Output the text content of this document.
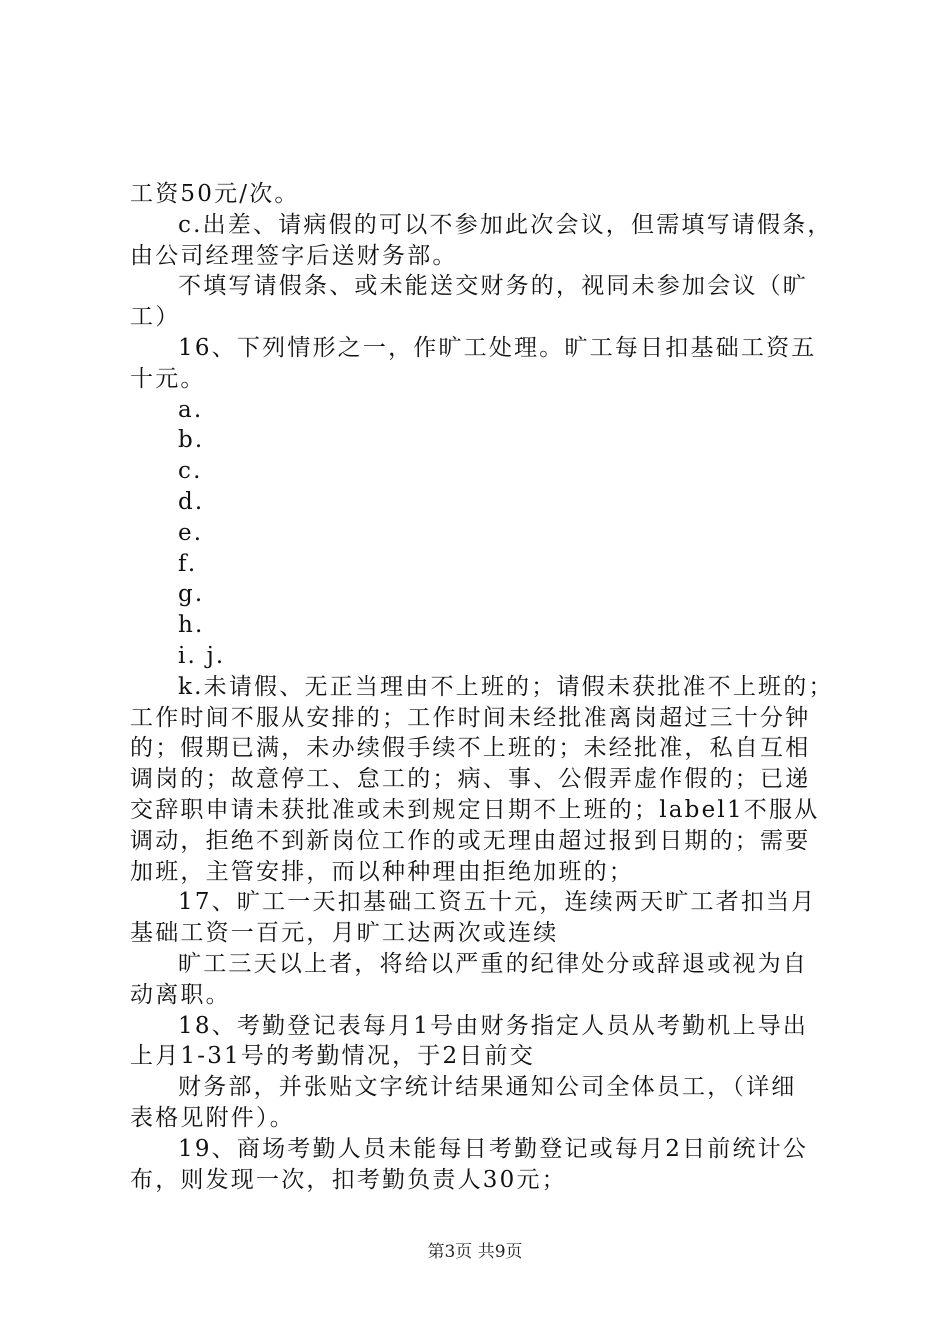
工资50元/次。
c.出差、请病假的可以不参加此次会议，但需填写请假条，
由公司经理签字后送财务部。
不填写请假条、或未能送交财务的，视同未参加会议（旷
工）
16、下列情形之一，作旷工处理。旷工每日扣基础工资五
十元。
a.
b.
c.
d.
e.
f.
g.
h.
i. j.
k.未请假、无正当理由不上班的；请假未获批准不上班的；
工作时间不服从安排的；工作时间未经批准离岗超过三十分钟
的；假期已满，未办续假手续不上班的；未经批准，私自互相
调岗的；故意停工、怠工的；病、事、公假弄虚作假的；已递
交辞职申请未获批准或未到规定日期不上班的；label1不服从
调动，拒绝不到新岗位工作的或无理由超过报到日期的；需要
加班，主管安排，而以种种理由拒绝加班的；
17、旷工一天扣基础工资五十元，连续两天旷工者扣当月
基础工资一百元，月旷工达两次或连续
旷工三天以上者，将给以严重的纪律处分或辞退或视为自
动离职。
18、考勤登记表每月1号由财务指定人员从考勤机上导出
上月1-31号的考勤情况，于2日前交
财务部，并张贴文字统计结果通知公司全体员工，（详细
表格见附件）。
19、商场考勤人员未能每日考勤登记或每月2日前统计公
布，则发现一次，扣考勤负责人30元；
第3页 共9页
